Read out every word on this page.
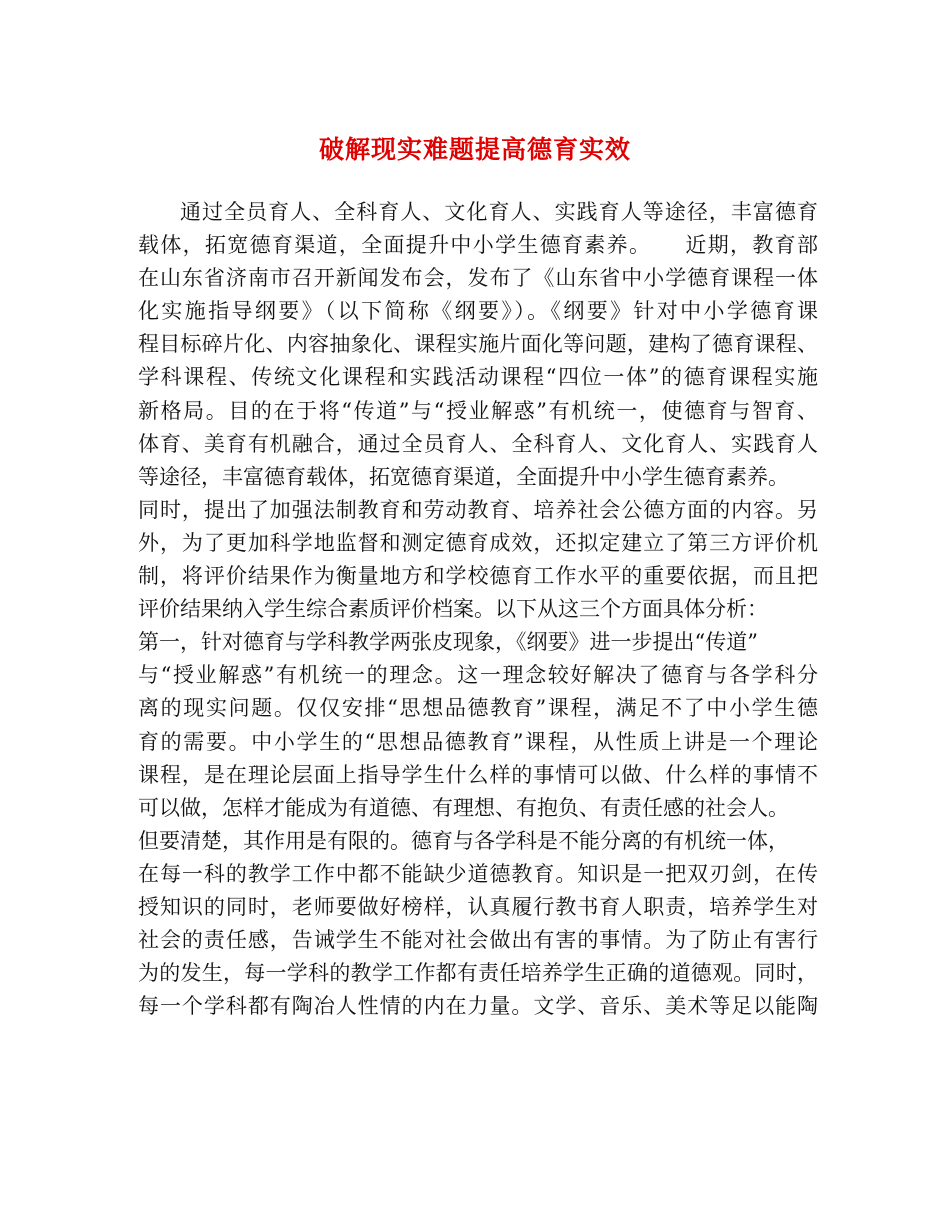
破解现实难题提高德育实效
通过全员育人、全科育人、文化育人、实践育人等途径，丰富德育
载体，拓宽德育渠道，全面提升中小学生德育素养。　　近期，教育部
在山东省济南市召开新闻发布会，发布了《山东省中小学德育课程一体
化实施指导纲要》（以下简称《纲要》）。《纲要》针对中小学德育课
程目标碎片化、内容抽象化、课程实施片面化等问题，建构了德育课程、
学科课程、传统文化课程和实践活动课程“四位一体”的德育课程实施
新格局。目的在于将“传道”与“授业解惑”有机统一，使德育与智育、
体育、美育有机融合，通过全员育人、全科育人、文化育人、实践育人
等途径，丰富德育载体，拓宽德育渠道，全面提升中小学生德育素养。
同时，提出了加强法制教育和劳动教育、培养社会公德方面的内容。另
外，为了更加科学地监督和测定德育成效，还拟定建立了第三方评价机
制，将评价结果作为衡量地方和学校德育工作水平的重要依据，而且把
评价结果纳入学生综合素质评价档案。以下从这三个方面具体分析：
第一，针对德育与学科教学两张皮现象，《纲要》进一步提出“传道”
与“授业解惑”有机统一的理念。这一理念较好解决了德育与各学科分
离的现实问题。仅仅安排“思想品德教育”课程，满足不了中小学生德
育的需要。中小学生的“思想品德教育”课程，从性质上讲是一个理论
课程，是在理论层面上指导学生什么样的事情可以做、什么样的事情不
可以做，怎样才能成为有道德、有理想、有抱负、有责任感的社会人。
但要清楚，其作用是有限的。德育与各学科是不能分离的有机统一体，
在每一科的教学工作中都不能缺少道德教育。知识是一把双刃剑，在传
授知识的同时，老师要做好榜样，认真履行教书育人职责，培养学生对
社会的责任感，告诫学生不能对社会做出有害的事情。为了防止有害行
为的发生，每一学科的教学工作都有责任培养学生正确的道德观。同时，
每一个学科都有陶冶人性情的内在力量。文学、音乐、美术等足以能陶
